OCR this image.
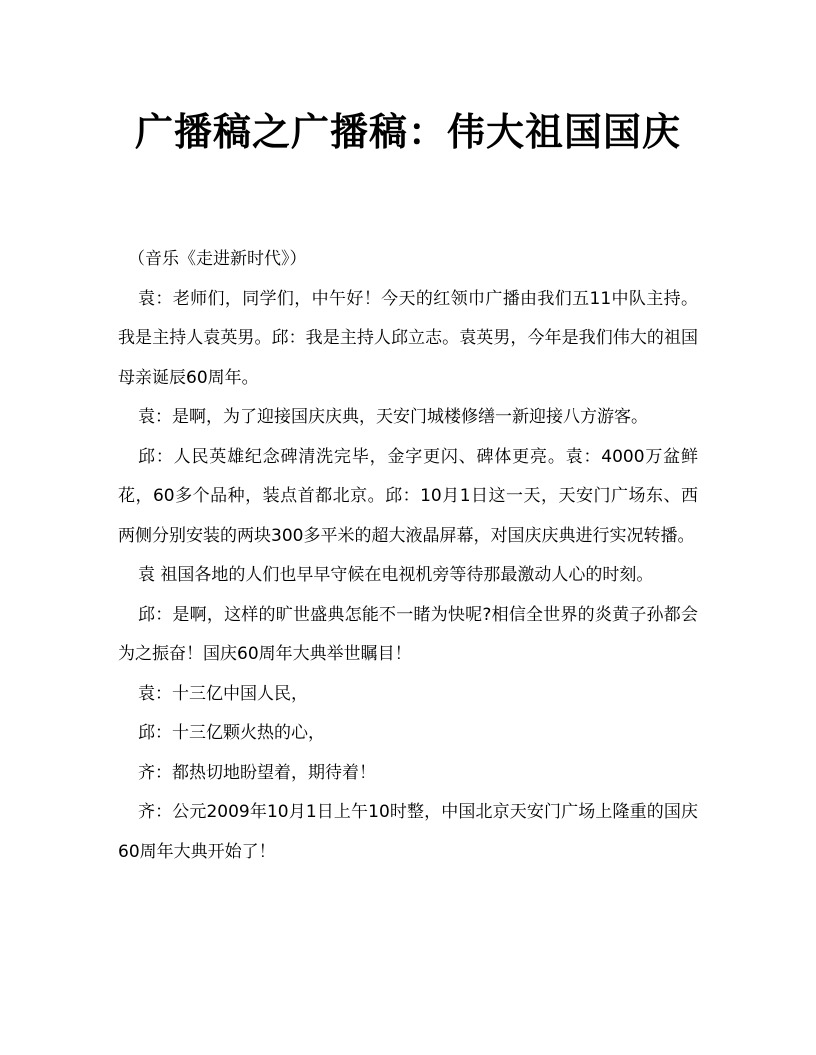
广播稿之广播稿：伟大祖国国庆

（音乐《走进新时代》）

袁：老师们，同学们，中午好！今天的红领巾广播由我们五11中队主持。我是主持人袁英男。邱：我是主持人邱立志。袁英男，今年是我们伟大的祖国母亲诞辰60周年。

袁：是啊，为了迎接国庆庆典，天安门城楼修缮一新迎接八方游客。

邱：人民英雄纪念碑清洗完毕，金字更闪、碑体更亮。袁：4000万盆鲜花，60多个品种，装点首都北京。邱：10月1日这一天，天安门广场东、西两侧分别安装的两块300多平米的超大液晶屏幕，对国庆庆典进行实况转播。

袁 祖国各地的人们也早早守候在电视机旁等待那最激动人心的时刻。

邱：是啊，这样的旷世盛典怎能不一睹为快呢?相信全世界的炎黄子孙都会为之振奋！国庆60周年大典举世瞩目！

袁：十三亿中国人民，

邱：十三亿颗火热的心，

齐：都热切地盼望着，期待着！

齐：公元2009年10月1日上午10时整，中国北京天安门广场上隆重的国庆60周年大典开始了！
